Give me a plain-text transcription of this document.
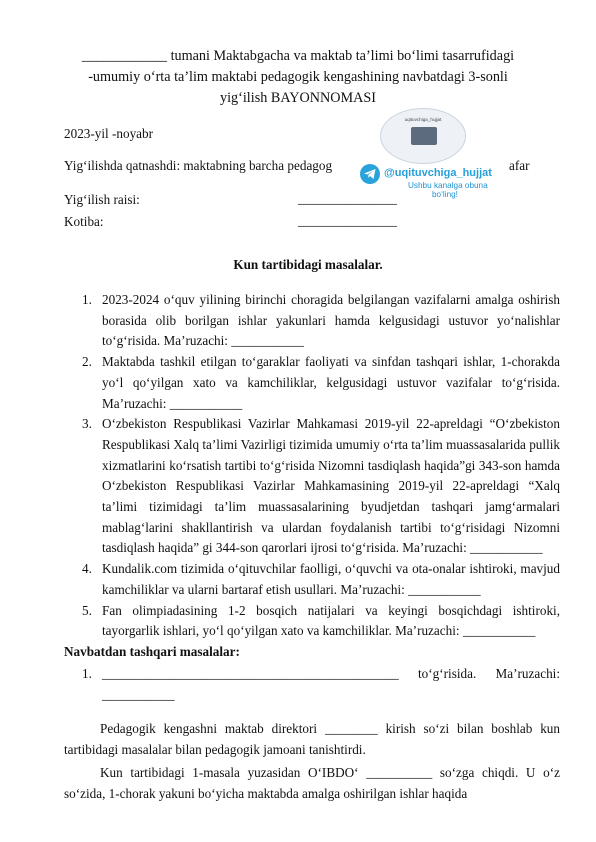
____________ tumani Maktabgacha va maktab ta’limi bo‘limi tasarrufidagi
-umumiy o‘rta ta’lim maktabi pedagogik kengashining navbatdagi 3-sonli
yig‘ilish BAYONNOMASI
2023-yil -noyabr
Yig‘ilishda qatnashdi: maktabning barcha pedagog	afar
Yig‘ilish raisi:	_______________
Kotiba:	_______________
uqituvchiga_hujjat
@uqituvchiga_hujjat
Ushbu kanalga obuna
bo‘ling!
Kun tartibidagi masalalar.

1. 2023-2024 o‘quv yilining birinchi choragida belgilangan vazifalarni amalga oshirish borasida olib borilgan ishlar yakunlari hamda kelgusidagi ustuvor yo‘nalishlar to‘g‘risida. Ma’ruzachi: ___________

2. Maktabda tashkil etilgan to‘garaklar faoliyati va sinfdan tashqari ishlar, 1-chorakda yo‘l qo‘yilgan xato va kamchiliklar, kelgusidagi ustuvor vazifalar to‘g‘risida. Ma’ruzachi: ___________

3. O‘zbekiston Respublikasi Vazirlar Mahkamasi 2019-yil 22-apreldagi “O‘zbekiston Respublikasi Xalq ta’limi Vazirligi tizimida umumiy o‘rta ta’lim muassasalarida pullik xizmatlarini ko‘rsatish tartibi to‘g‘risida Nizomni tasdiqlash haqida”gi 343-son hamda O‘zbekiston Respublikasi Vazirlar Mahkamasining 2019-yil 22-apreldagi “Xalq ta’limi tizimidagi ta’lim muassasalarining byudjetdan tashqari jamg‘armalari mablag‘larini shakllantirish va ulardan foydalanish tartibi to‘g‘risidagi Nizomni tasdiqlash haqida” gi 344-son qarorlari ijrosi to‘g‘risida. Ma’ruzachi: ___________

4. Kundalik.com tizimida o‘qituvchilar faolligi, o‘quvchi va ota-onalar ishtiroki, mavjud kamchiliklar va ularni bartaraf etish usullari. Ma’ruzachi: ___________

5. Fan olimpiadasining 1-2 bosqich natijalari va keyingi bosqichdagi ishtiroki, tayorgarlik ishlari, yo‘l qo‘yilgan xato va kamchiliklar. Ma’ruzachi: ___________

Navbatdan tashqari masalalar:

1. _____________________________________________ to‘g‘risida. Ma’ruzachi: ___________

Pedagogik kengashni maktab direktori ________ kirish so‘zi bilan boshlab kun tartibidagi masalalar bilan pedagogik jamoani tanishtirdi.

Kun tartibidagi 1-masala yuzasidan O‘IBDO‘ __________ so‘zga chiqdi. U o‘z so‘zida, 1-chorak yakuni bo‘yicha maktabda amalga oshirilgan ishlar haqida
